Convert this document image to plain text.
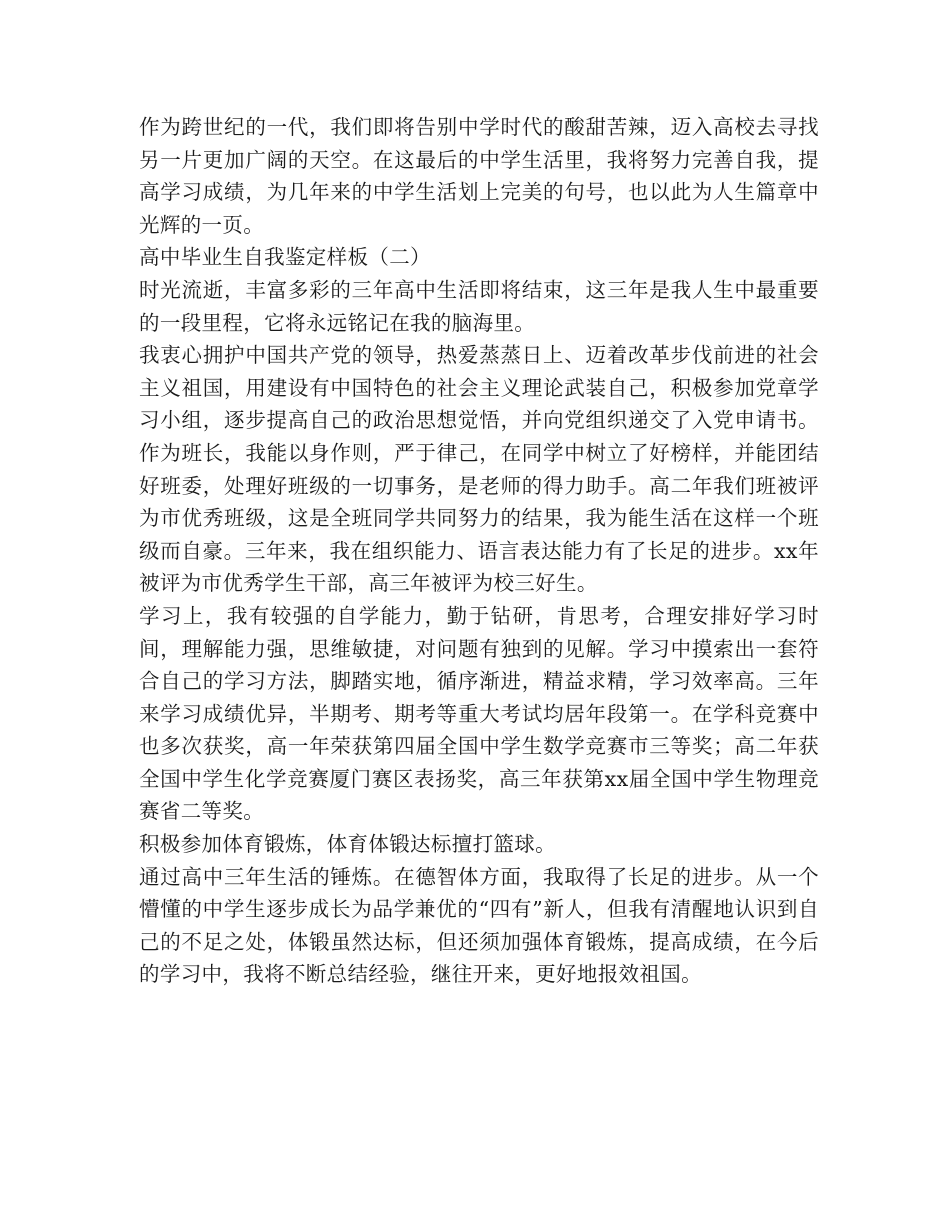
作为跨世纪的一代，我们即将告别中学时代的酸甜苦辣，迈入高校去寻找另一片更加广阔的天空。在这最后的中学生活里，我将努力完善自我，提高学习成绩，为几年来的中学生活划上完美的句号，也以此为人生篇章中光辉的一页。

高中毕业生自我鉴定样板（二）

时光流逝，丰富多彩的三年高中生活即将结束，这三年是我人生中最重要的一段里程，它将永远铭记在我的脑海里。

我衷心拥护中国共产党的领导，热爱蒸蒸日上、迈着改革步伐前进的社会主义祖国，用建设有中国特色的社会主义理论武装自己，积极参加党章学习小组，逐步提高自己的政治思想觉悟，并向党组织递交了入党申请书。作为班长，我能以身作则，严于律己，在同学中树立了好榜样，并能团结好班委，处理好班级的一切事务，是老师的得力助手。高二年我们班被评为市优秀班级，这是全班同学共同努力的结果，我为能生活在这样一个班级而自豪。三年来，我在组织能力、语言表达能力有了长足的进步。xx年被评为市优秀学生干部，高三年被评为校三好生。

学习上，我有较强的自学能力，勤于钻研，肯思考，合理安排好学习时间，理解能力强，思维敏捷，对问题有独到的见解。学习中摸索出一套符合自己的学习方法，脚踏实地，循序渐进，精益求精，学习效率高。三年来学习成绩优异，半期考、期考等重大考试均居年段第一。在学科竞赛中也多次获奖，高一年荣获第四届全国中学生数学竞赛市三等奖；高二年获全国中学生化学竞赛厦门赛区表扬奖，高三年获第xx届全国中学生物理竞赛省二等奖。

积极参加体育锻炼，体育体锻达标擅打篮球。

通过高中三年生活的锤炼。在德智体方面，我取得了长足的进步。从一个懵懂的中学生逐步成长为品学兼优的“四有”新人，但我有清醒地认识到自己的不足之处，体锻虽然达标，但还须加强体育锻炼，提高成绩，在今后的学习中，我将不断总结经验，继往开来，更好地报效祖国。
